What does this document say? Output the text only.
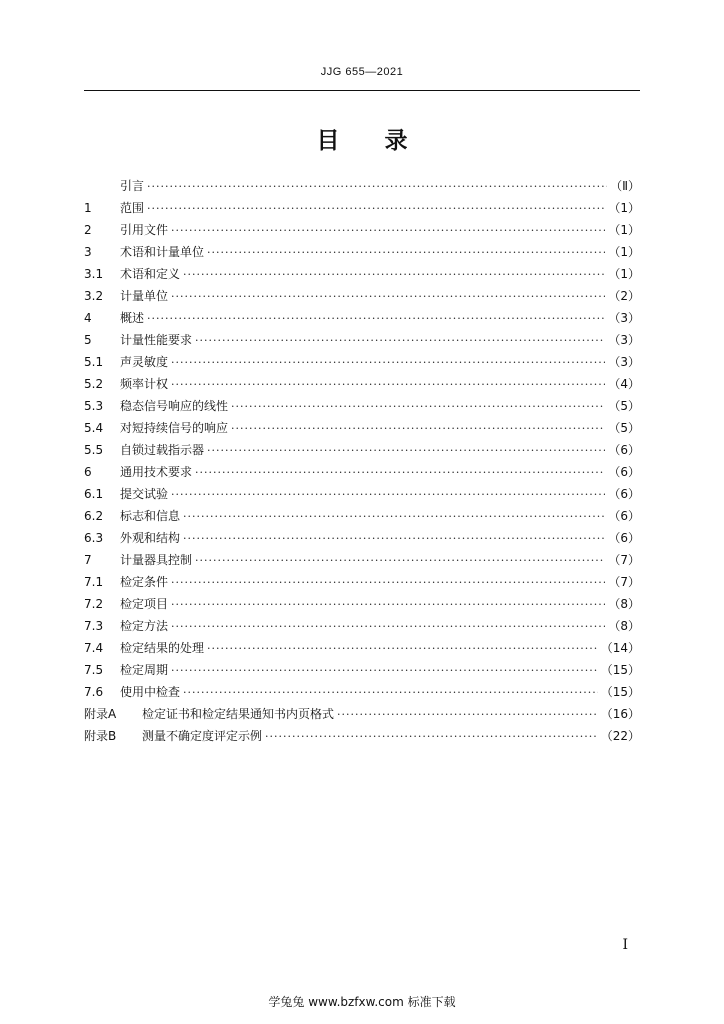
JJG 655—2021
目录
引言 ·····	（Ⅱ）
1	范围 ·····	（1）
2	引用文件 ·····	（1）
3	术语和计量单位 ·····	（1）
3.1	术语和定义 ·····	（1）
3.2	计量单位 ·····	（2）
4	概述 ·····	（3）
5	计量性能要求 ·····	（3）
5.1	声灵敏度 ·····	（3）
5.2	频率计权 ·····	（4）
5.3	稳态信号响应的线性 ·····	（5）
5.4	对短持续信号的响应 ·····	（5）
5.5	自锁过载指示器 ·····	（6）
6	通用技术要求 ·····	（6）
6.1	提交试验 ·····	（6）
6.2	标志和信息 ·····	（6）
6.3	外观和结构 ·····	（6）
7	计量器具控制 ·····	（7）
7.1	检定条件 ·····	（7）
7.2	检定项目 ·····	（8）
7.3	检定方法 ·····	（8）
7.4	检定结果的处理 ·····	（14）
7.5	检定周期 ·····	（15）
7.6	使用中检查 ·····	（15）
附录A	检定证书和检定结果通知书内页格式 ·····	（16）
附录B	测量不确定度评定示例 ·····	（22）
I
学兔兔 www.bzfxw.com 标准下载
